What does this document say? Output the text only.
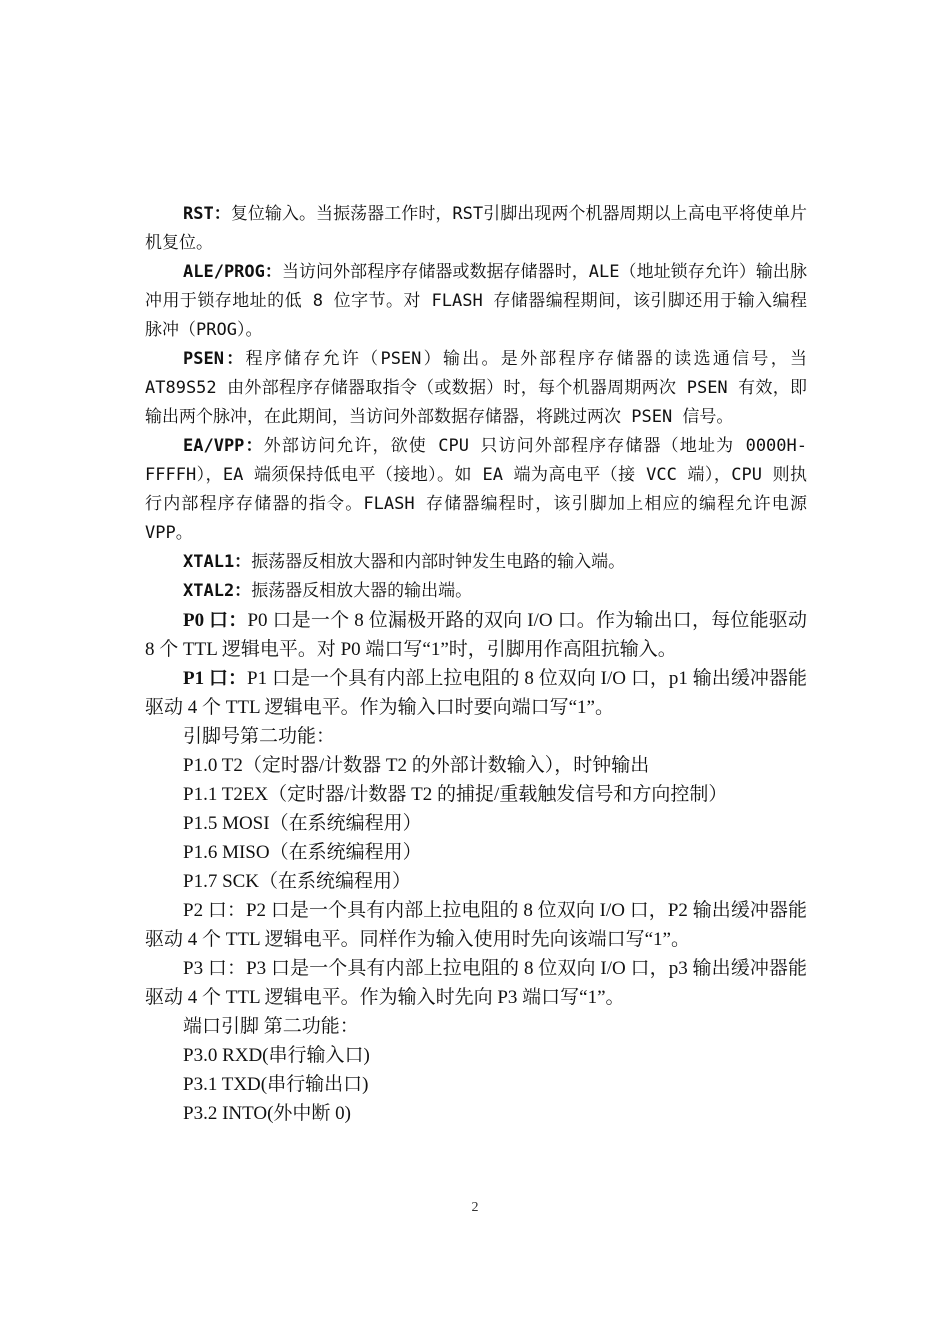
RST：复位输入。当振荡器工作时，RST引脚出现两个机器周期以上高电平将使单片机复位。

ALE/PROG：当访问外部程序存储器或数据存储器时，ALE（地址锁存允许）输出脉冲用于锁存地址的低 8 位字节。对 FLASH 存储器编程期间，该引脚还用于输入编程脉冲（PROG）。

PSEN：程序储存允许（PSEN）输出。是外部程序存储器的读选通信号，当 AT89S52 由外部程序存储器取指令（或数据）时，每个机器周期两次 PSEN 有效，即输出两个脉冲，在此期间，当访问外部数据存储器，将跳过两次 PSEN 信号。

EA/VPP：外部访问允许，欲使 CPU 只访问外部程序存储器（地址为 0000H-FFFFH），EA 端须保持低电平（接地）。如 EA 端为高电平（接 VCC 端），CPU 则执行内部程序存储器的指令。FLASH 存储器编程时，该引脚加上相应的编程允许电源 VPP。

XTAL1：振荡器反相放大器和内部时钟发生电路的输入端。

XTAL2：振荡器反相放大器的输出端。

P0 口：P0 口是一个 8 位漏极开路的双向 I/O 口。作为输出口，每位能驱动 8 个 TTL 逻辑电平。对 P0 端口写“1”时，引脚用作高阻抗输入。

P1 口：P1 口是一个具有内部上拉电阻的 8 位双向 I/O 口，p1 输出缓冲器能驱动 4 个 TTL 逻辑电平。作为输入口时要向端口写“1”。

引脚号第二功能：

P1.0 T2（定时器/计数器 T2 的外部计数输入），时钟输出

P1.1 T2EX（定时器/计数器 T2 的捕捉/重载触发信号和方向控制）

P1.5 MOSI（在系统编程用）

P1.6 MISO（在系统编程用）

P1.7 SCK（在系统编程用）

P2 口：P2 口是一个具有内部上拉电阻的 8 位双向 I/O 口，P2 输出缓冲器能驱动 4 个 TTL 逻辑电平。同样作为输入使用时先向该端口写“1”。

P3 口：P3 口是一个具有内部上拉电阻的 8 位双向 I/O 口，p3 输出缓冲器能驱动 4 个 TTL 逻辑电平。作为输入时先向 P3 端口写“1”。

端口引脚 第二功能：

P3.0 RXD(串行输入口)

P3.1 TXD(串行输出口)

P3.2 INTO(外中断 0)

2
